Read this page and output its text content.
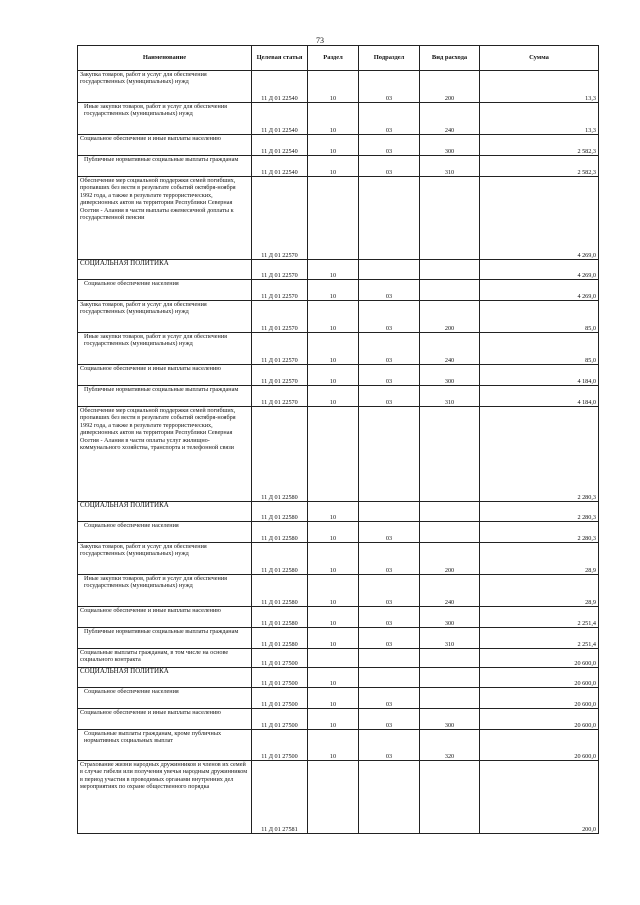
73
Наименование	Целевая статья	Раздел	Подраздел	Вид расхода	Сумма
Закупка товаров, работ и услуг для обеспечения государственных (муниципальных) нужд	11 Д 01 22540	10	03	200	13,3
Иные закупки товаров, работ и услуг для обеспечения государственных (муниципальных) нужд	11 Д 01 22540	10	03	240	13,3
Социальное обеспечение и иные выплаты населению	11 Д 01 22540	10	03	300	2 582,3
Публичные нормативные социальные выплаты гражданам	11 Д 01 22540	10	03	310	2 582,3
Обеспечение мер социальной поддержки семей погибших, пропавших без вести в результате событий октября-ноября 1992 года, а также в результате террористических, диверсионных актов на территории Республики Северная Осетия - Алания в части выплаты ежемесячной доплаты к государственной пенсии	11 Д 01 22570				4 269,0
СОЦИАЛЬНАЯ ПОЛИТИКА	11 Д 01 22570	10			4 269,0
Социальное обеспечение населения	11 Д 01 22570	10	03		4 269,0
Закупка товаров, работ и услуг для обеспечения государственных (муниципальных) нужд	11 Д 01 22570	10	03	200	85,0
Иные закупки товаров, работ и услуг для обеспечения государственных (муниципальных) нужд	11 Д 01 22570	10	03	240	85,0
Социальное обеспечение и иные выплаты населению	11 Д 01 22570	10	03	300	4 184,0
Публичные нормативные социальные выплаты гражданам	11 Д 01 22570	10	03	310	4 184,0
Обеспечение мер социальной поддержки семей погибших, пропавших без вести в результате событий октября-ноября 1992 года, а также в результате террористических, диверсионных актов на территории Республики Северная Осетия - Алания в части оплаты услуг жилищно-коммунального хозяйства, транспорта и телефонной связи	11 Д 01 22580				2 280,3
СОЦИАЛЬНАЯ ПОЛИТИКА	11 Д 01 22580	10			2 280,3
Социальное обеспечение населения	11 Д 01 22580	10	03		2 280,3
Закупка товаров, работ и услуг для обеспечения государственных (муниципальных) нужд	11 Д 01 22580	10	03	200	28,9
Иные закупки товаров, работ и услуг для обеспечения государственных (муниципальных) нужд	11 Д 01 22580	10	03	240	28,9
Социальное обеспечение и иные выплаты населению	11 Д 01 22580	10	03	300	2 251,4
Публичные нормативные социальные выплаты гражданам	11 Д 01 22580	10	03	310	2 251,4
Социальные выплаты гражданам, в том числе на основе социального контракта	11 Д 01 27500				20 600,0
СОЦИАЛЬНАЯ ПОЛИТИКА	11 Д 01 27500	10			20 600,0
Социальное обеспечение населения	11 Д 01 27500	10	03		20 600,0
Социальное обеспечение и иные выплаты населению	11 Д 01 27500	10	03	300	20 600,0
Социальные выплаты гражданам, кроме публичных нормативных социальных выплат	11 Д 01 27500	10	03	320	20 600,0
Страхование жизни народных дружинников и членов их семей в случае гибели или получения увечья народным дружинником в период участия в проводимых органами внутренних дел мероприятиях по охране общественного порядка	11 Д 01 27581				200,0
